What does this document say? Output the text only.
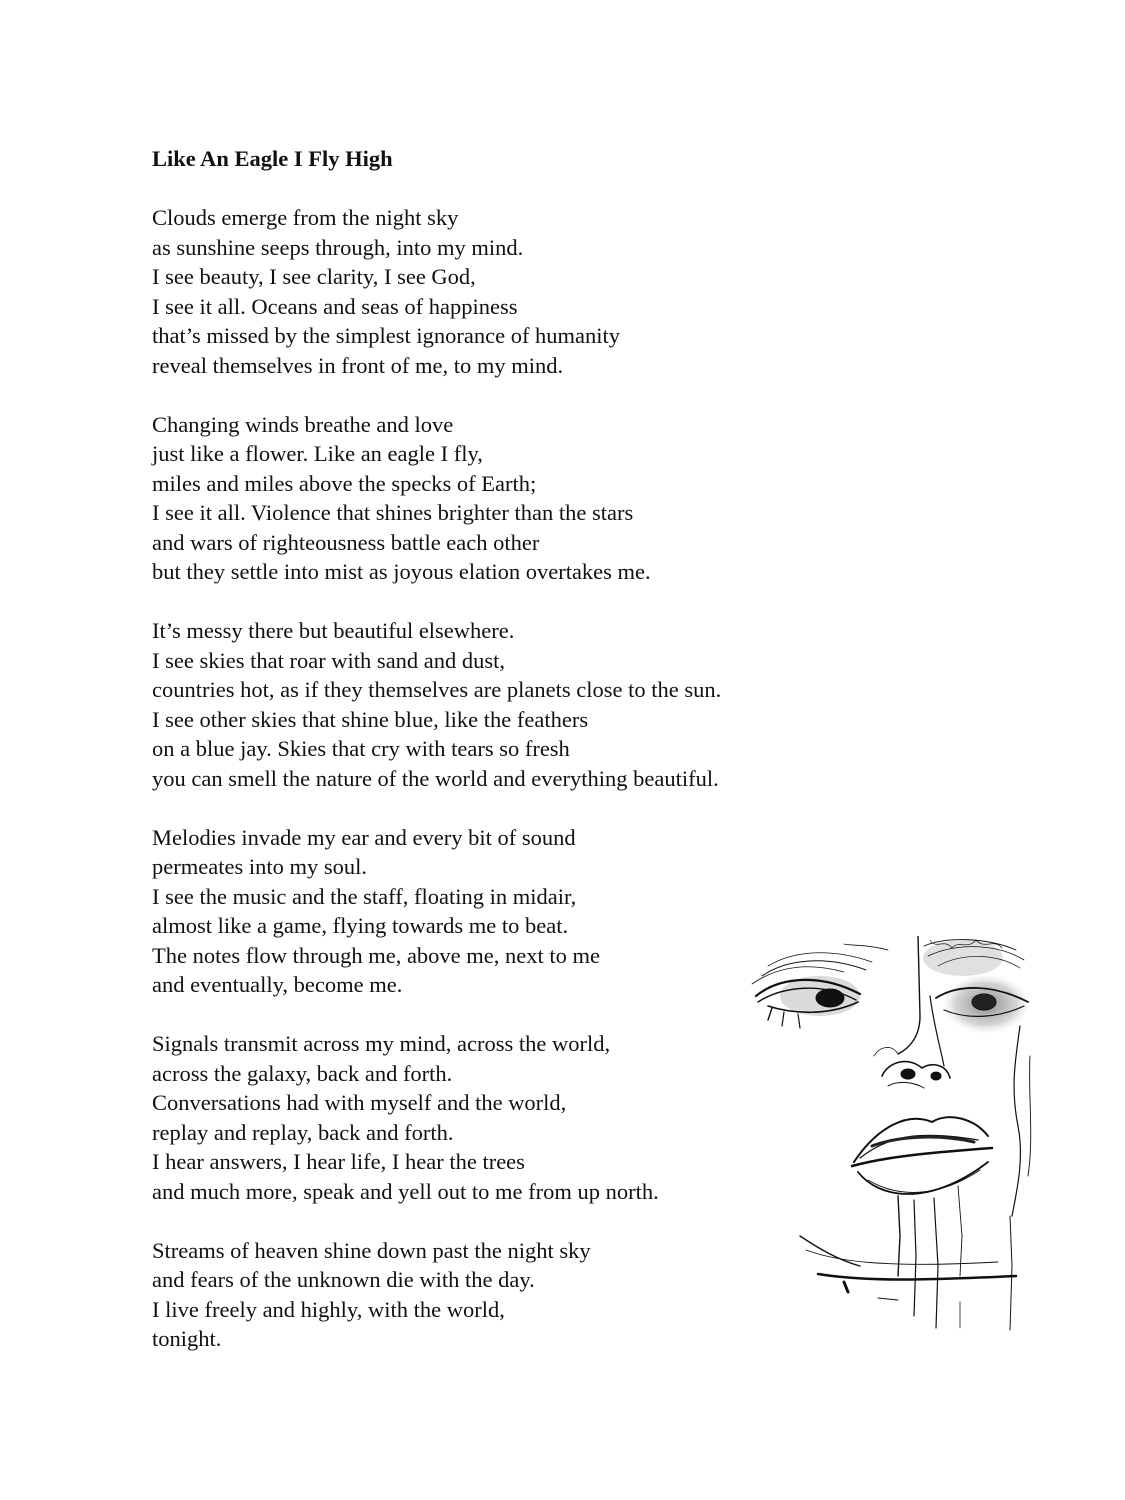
Like An Eagle I Fly High
Clouds emerge from the night sky
as sunshine seeps through, into my mind.
I see beauty, I see clarity, I see God,
I see it all. Oceans and seas of happiness
that’s missed by the simplest ignorance of humanity
reveal themselves in front of me, to my mind.
Changing winds breathe and love
just like a flower. Like an eagle I fly,
miles and miles above the specks of Earth;
I see it all. Violence that shines brighter than the stars
and wars of righteousness battle each other
but they settle into mist as joyous elation overtakes me.
It’s messy there but beautiful elsewhere.
I see skies that roar with sand and dust,
countries hot, as if they themselves are planets close to the sun.
I see other skies that shine blue, like the feathers
on a blue jay. Skies that cry with tears so fresh
you can smell the nature of the world and everything beautiful.
Melodies invade my ear and every bit of sound
permeates into my soul.
I see the music and the staff, floating in midair,
almost like a game, flying towards me to beat.
The notes flow through me, above me, next to me
and eventually, become me.
Signals transmit across my mind, across the world,
across the galaxy, back and forth.
Conversations had with myself and the world,
replay and replay, back and forth.
I hear answers, I hear life, I hear the trees
and much more, speak and yell out to me from up north.
Streams of heaven shine down past the night sky
and fears of the unknown die with the day.
I live freely and highly, with the world,
tonight.
